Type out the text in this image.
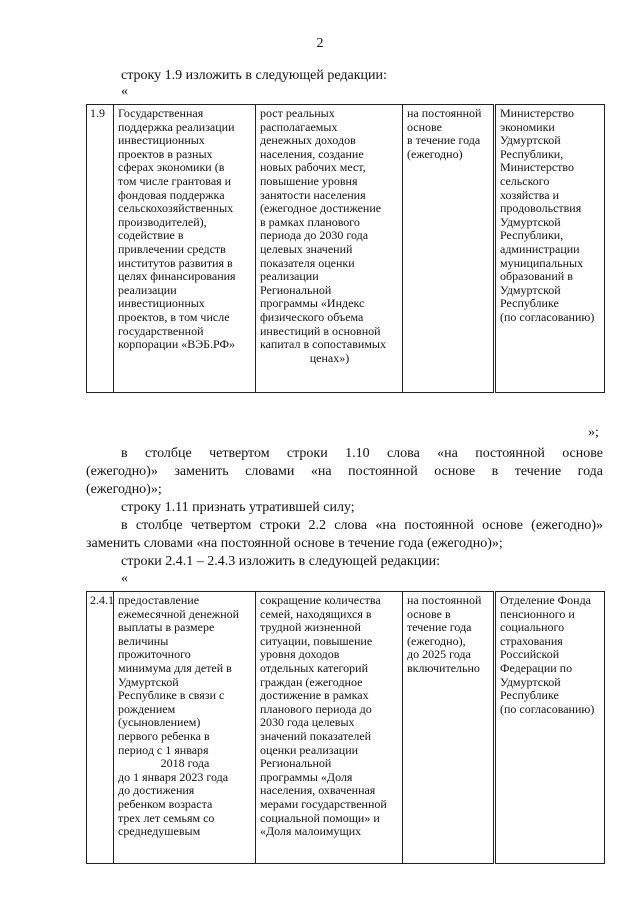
2
строку 1.9 изложить в следующей редакции:
«
1.9	Государственная
поддержка реализации
инвестиционных
проектов в разных
сферах экономики (в
том числе грантовая и
фондовая поддержка
сельскохозяйственных
производителей),
содействие в
привлечении средств
институтов развития в
целях финансирования
реализации
инвестиционных
проектов, в том числе
государственной
корпорации «ВЭБ.РФ»

рост реальных
располагаемых
денежных доходов
населения, создание
новых рабочих мест,
повышение уровня
занятости населения
(ежегодное достижение
в рамках планового
периода до 2030 года
целевых значений
показателя оценки
реализации
Региональной
программы «Индекс
физического объема
инвестиций в основной
капитал в сопоставимых
ценах»)

на постоянной
основе
в течение года
(ежегодно)

Министерство
экономики
Удмуртской
Республики,
Министерство
сельского
хозяйства и
продовольствия
Удмуртской
Республики,
администрации
муниципальных
образований в
Удмуртской
Республике
(по согласованию)
»;
в столбце четвертом строки 1.10 слова «на постоянной основе
(ежегодно)» заменить словами «на постоянной основе в течение года
(ежегодно)»;
строку 1.11 признать утратившей силу;
в столбце четвертом строки 2.2 слова «на постоянной основе (ежегодно)»
заменить словами «на постоянной основе в течение года (ежегодно)»;
строки 2.4.1 – 2.4.3 изложить в следующей редакции:
«
2.4.1	предоставление
ежемесячной денежной
выплаты в размере
величины
прожиточного
минимума для детей в
Удмуртской
Республике в связи с
рождением
(усыновлением)
первого ребенка в
период с 1 января
2018 года
до 1 января 2023 года
до достижения
ребенком возраста
трех лет семьям со
среднедушевым

сокращение количества
семей, находящихся в
трудной жизненной
ситуации, повышение
уровня доходов
отдельных категорий
граждан (ежегодное
достижение в рамках
планового периода до
2030 года целевых
значений показателей
оценки реализации
Региональной
программы «Доля
населения, охваченная
мерами государственной
социальной помощи» и
«Доля малоимущих

на постоянной
основе в
течение года
(ежегодно),
до 2025 года
включительно

Отделение Фонда
пенсионного и
социального
страхования
Российской
Федерации по
Удмуртской
Республике
(по согласованию)
